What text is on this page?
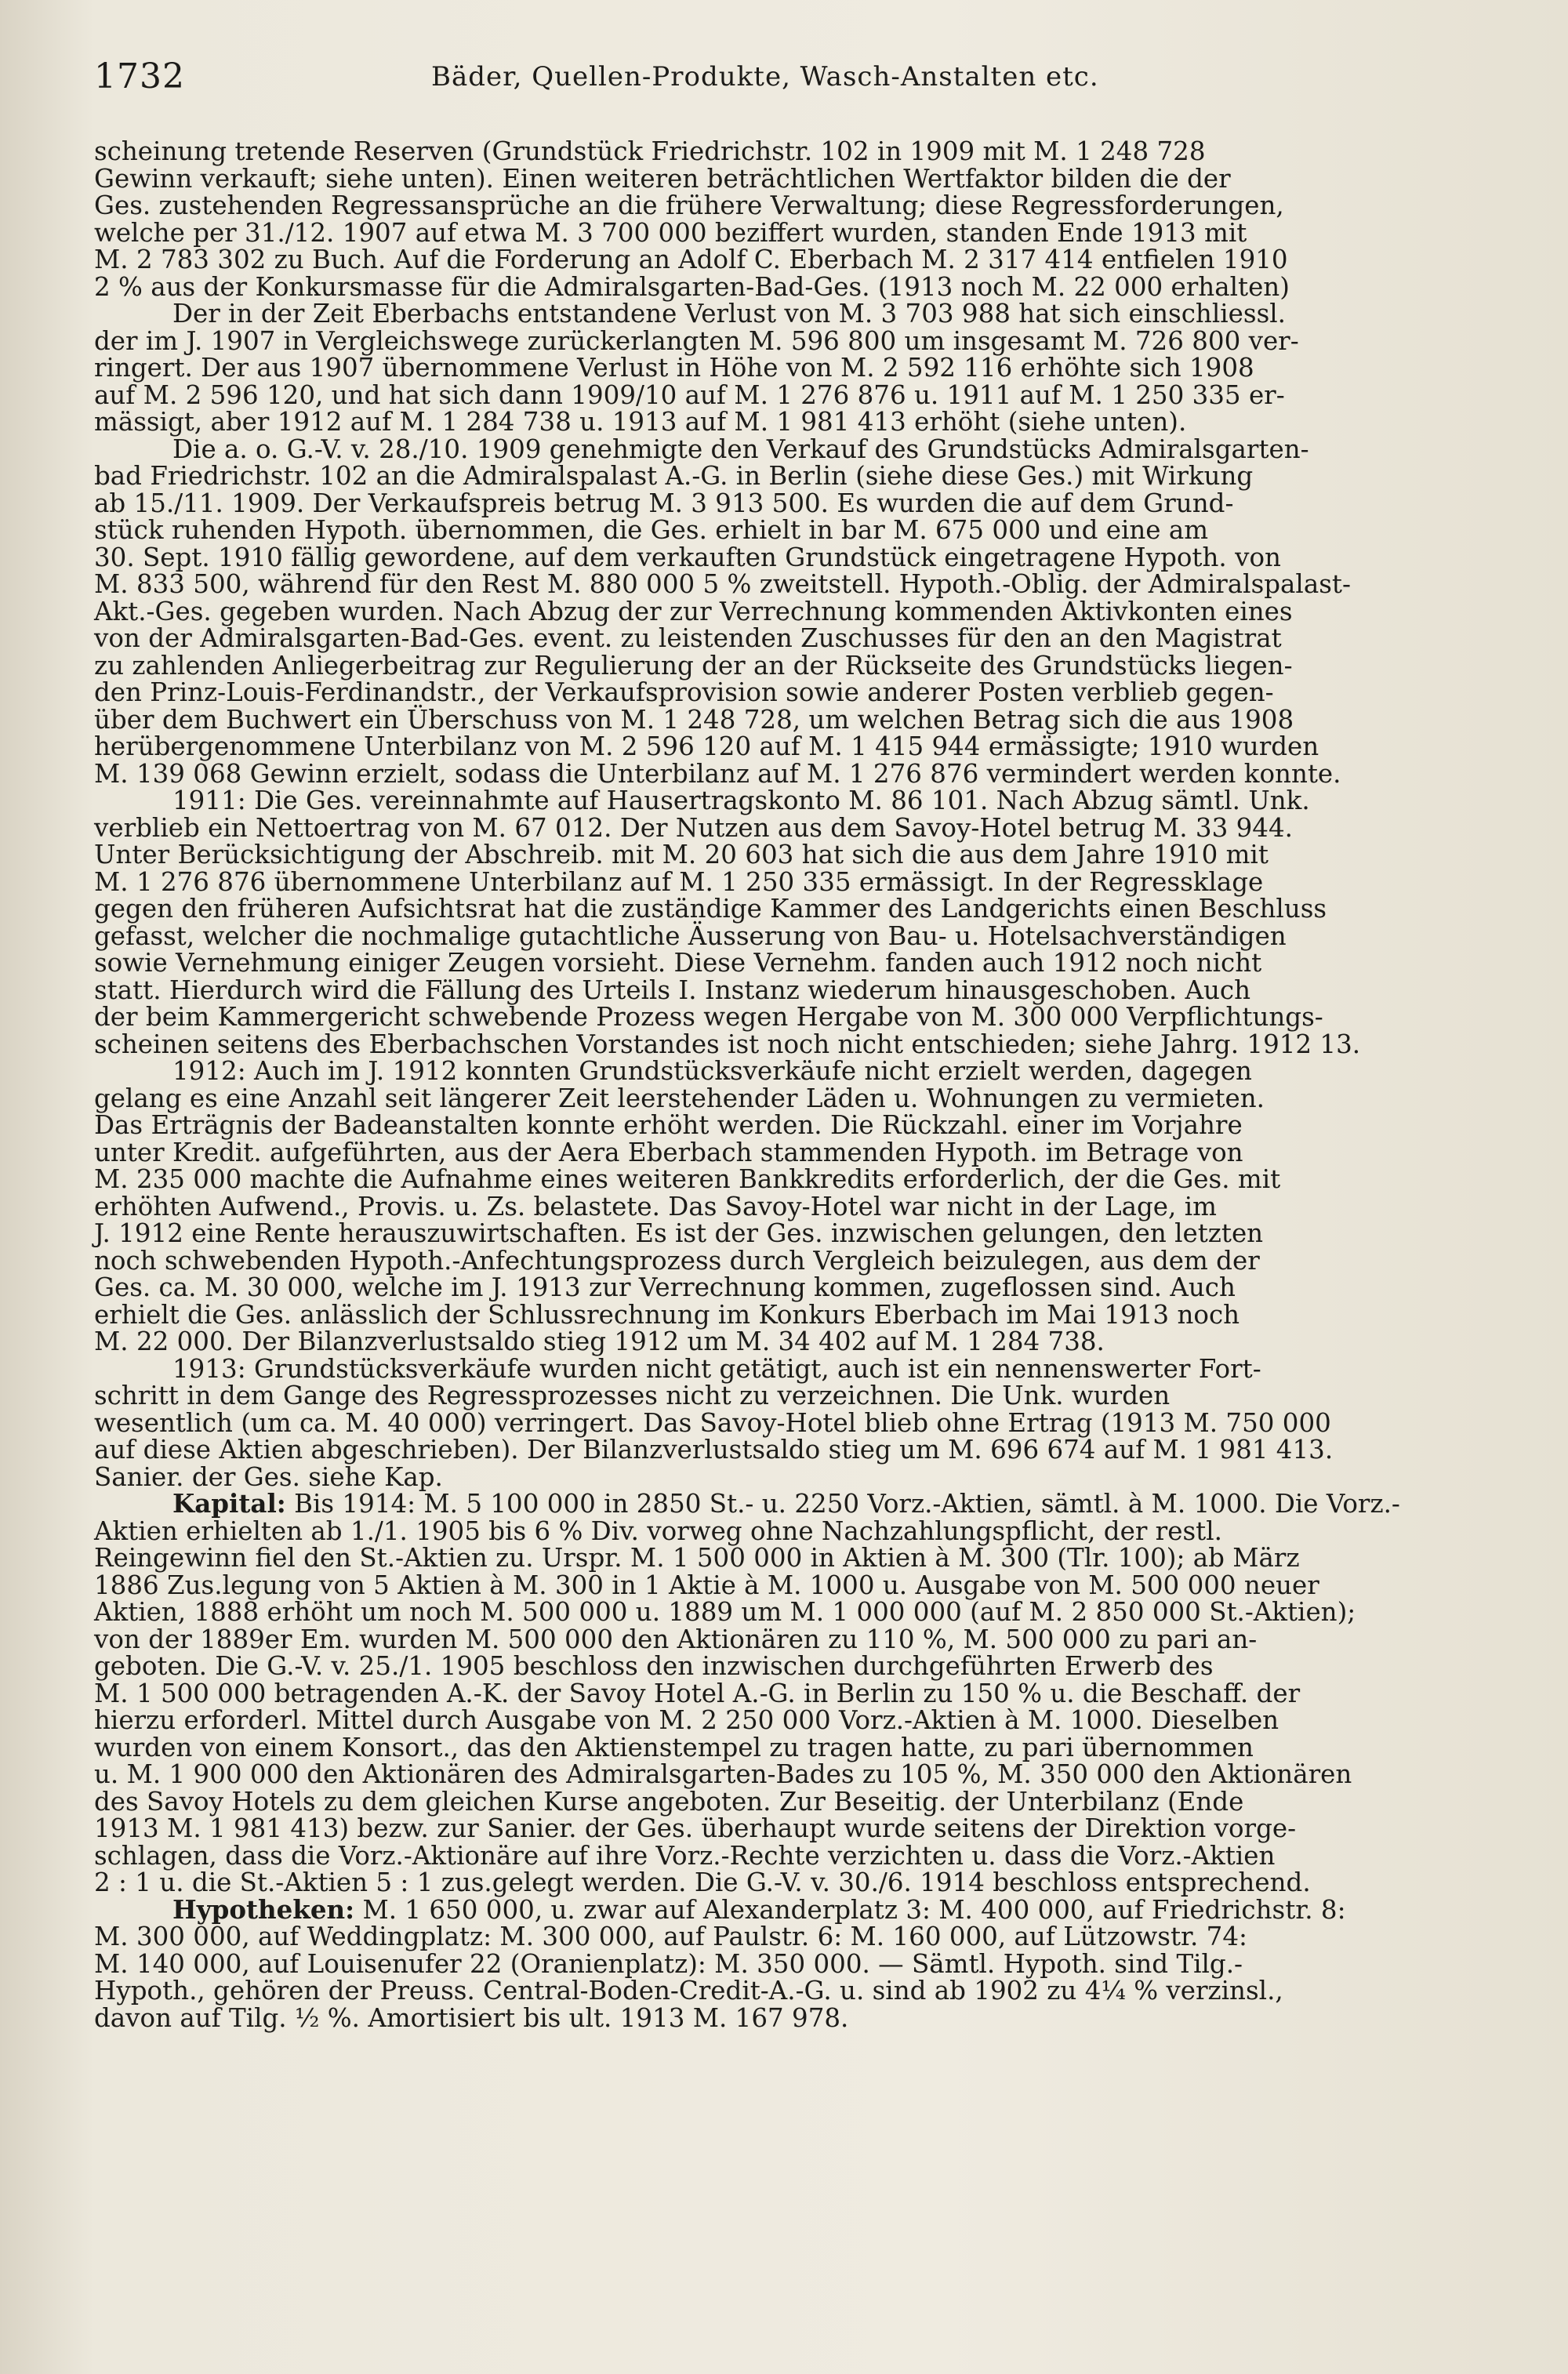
1732	Bäder, Quellen-Produkte, Wasch-Anstalten etc.
scheinung tretende Reserven (Grundstück Friedrichstr. 102 in 1909 mit M. 1 248 728
Gewinn verkauft; siehe unten). Einen weiteren beträchtlichen Wertfaktor bilden die der
Ges. zustehenden Regressansprüche an die frühere Verwaltung; diese Regressforderungen,
welche per 31./12. 1907 auf etwa M. 3 700 000 beziffert wurden, standen Ende 1913 mit
M. 2 783 302 zu Buch. Auf die Forderung an Adolf C. Eberbach M. 2 317 414 entfielen 1910
2 % aus der Konkursmasse für die Admiralsgarten-Bad-Ges. (1913 noch M. 22 000 erhalten)
Der in der Zeit Eberbachs entstandene Verlust von M. 3 703 988 hat sich einschliessl.
der im J. 1907 in Vergleichswege zurückerlangten M. 596 800 um insgesamt M. 726 800 ver-
ringert. Der aus 1907 übernommene Verlust in Höhe von M. 2 592 116 erhöhte sich 1908
auf M. 2 596 120, und hat sich dann 1909/10 auf M. 1 276 876 u. 1911 auf M. 1 250 335 er-
mässigt, aber 1912 auf M. 1 284 738 u. 1913 auf M. 1 981 413 erhöht (siehe unten).
Die a. o. G.-V. v. 28./10. 1909 genehmigte den Verkauf des Grundstücks Admiralsgarten-
bad Friedrichstr. 102 an die Admiralspalast A.-G. in Berlin (siehe diese Ges.) mit Wirkung
ab 15./11. 1909. Der Verkaufspreis betrug M. 3 913 500. Es wurden die auf dem Grund-
stück ruhenden Hypoth. übernommen, die Ges. erhielt in bar M. 675 000 und eine am
30. Sept. 1910 fällig gewordene, auf dem verkauften Grundstück eingetragene Hypoth. von
M. 833 500, während für den Rest M. 880 000 5 % zweitstell. Hypoth.-Oblig. der Admiralspalast-
Akt.-Ges. gegeben wurden. Nach Abzug der zur Verrechnung kommenden Aktivkonten eines
von der Admiralsgarten-Bad-Ges. event. zu leistenden Zuschusses für den an den Magistrat
zu zahlenden Anliegerbeitrag zur Regulierung der an der Rückseite des Grundstücks liegen-
den Prinz-Louis-Ferdinandstr., der Verkaufsprovision sowie anderer Posten verblieb gegen-
über dem Buchwert ein Überschuss von M. 1 248 728, um welchen Betrag sich die aus 1908
herübergenommene Unterbilanz von M. 2 596 120 auf M. 1 415 944 ermässigte; 1910 wurden
M. 139 068 Gewinn erzielt, sodass die Unterbilanz auf M. 1 276 876 vermindert werden konnte.
1911: Die Ges. vereinnahmte auf Hausertragskonto M. 86 101. Nach Abzug sämtl. Unk.
verblieb ein Nettoertrag von M. 67 012. Der Nutzen aus dem Savoy-Hotel betrug M. 33 944.
Unter Berücksichtigung der Abschreib. mit M. 20 603 hat sich die aus dem Jahre 1910 mit
M. 1 276 876 übernommene Unterbilanz auf M. 1 250 335 ermässigt. In der Regressklage
gegen den früheren Aufsichtsrat hat die zuständige Kammer des Landgerichts einen Beschluss
gefasst, welcher die nochmalige gutachtliche Äusserung von Bau- u. Hotelsachverständigen
sowie Vernehmung einiger Zeugen vorsieht. Diese Vernehm. fanden auch 1912 noch nicht
statt. Hierdurch wird die Fällung des Urteils I. Instanz wiederum hinausgeschoben. Auch
der beim Kammergericht schwebende Prozess wegen Hergabe von M. 300 000 Verpflichtungs-
scheinen seitens des Eberbachschen Vorstandes ist noch nicht entschieden; siehe Jahrg. 1912 13.
1912: Auch im J. 1912 konnten Grundstücksverkäufe nicht erzielt werden, dagegen
gelang es eine Anzahl seit längerer Zeit leerstehender Läden u. Wohnungen zu vermieten.
Das Erträgnis der Badeanstalten konnte erhöht werden. Die Rückzahl. einer im Vorjahre
unter Kredit. aufgeführten, aus der Aera Eberbach stammenden Hypoth. im Betrage von
M. 235 000 machte die Aufnahme eines weiteren Bankkredits erforderlich, der die Ges. mit
erhöhten Aufwend., Provis. u. Zs. belastete. Das Savoy-Hotel war nicht in der Lage, im
J. 1912 eine Rente herauszuwirtschaften. Es ist der Ges. inzwischen gelungen, den letzten
noch schwebenden Hypoth.-Anfechtungsprozess durch Vergleich beizulegen, aus dem der
Ges. ca. M. 30 000, welche im J. 1913 zur Verrechnung kommen, zugeflossen sind. Auch
erhielt die Ges. anlässlich der Schlussrechnung im Konkurs Eberbach im Mai 1913 noch
M. 22 000. Der Bilanzverlustsaldo stieg 1912 um M. 34 402 auf M. 1 284 738.
1913: Grundstücksverkäufe wurden nicht getätigt, auch ist ein nennenswerter Fort-
schritt in dem Gange des Regressprozesses nicht zu verzeichnen. Die Unk. wurden
wesentlich (um ca. M. 40 000) verringert. Das Savoy-Hotel blieb ohne Ertrag (1913 M. 750 000
auf diese Aktien abgeschrieben). Der Bilanzverlustsaldo stieg um M. 696 674 auf M. 1 981 413.
Sanier. der Ges. siehe Kap.
Kapital: Bis 1914: M. 5 100 000 in 2850 St.- u. 2250 Vorz.-Aktien, sämtl. à M. 1000. Die Vorz.-
Aktien erhielten ab 1./1. 1905 bis 6 % Div. vorweg ohne Nachzahlungspflicht, der restl.
Reingewinn fiel den St.-Aktien zu. Urspr. M. 1 500 000 in Aktien à M. 300 (Tlr. 100); ab März
1886 Zus.legung von 5 Aktien à M. 300 in 1 Aktie à M. 1000 u. Ausgabe von M. 500 000 neuer
Aktien, 1888 erhöht um noch M. 500 000 u. 1889 um M. 1 000 000 (auf M. 2 850 000 St.-Aktien);
von der 1889er Em. wurden M. 500 000 den Aktionären zu 110 %, M. 500 000 zu pari an-
geboten. Die G.-V. v. 25./1. 1905 beschloss den inzwischen durchgeführten Erwerb des
M. 1 500 000 betragenden A.-K. der Savoy Hotel A.-G. in Berlin zu 150 % u. die Beschaff. der
hierzu erforderl. Mittel durch Ausgabe von M. 2 250 000 Vorz.-Aktien à M. 1000. Dieselben
wurden von einem Konsort., das den Aktienstempel zu tragen hatte, zu pari übernommen
u. M. 1 900 000 den Aktionären des Admiralsgarten-Bades zu 105 %, M. 350 000 den Aktionären
des Savoy Hotels zu dem gleichen Kurse angeboten. Zur Beseitig. der Unterbilanz (Ende
1913 M. 1 981 413) bezw. zur Sanier. der Ges. überhaupt wurde seitens der Direktion vorge-
schlagen, dass die Vorz.-Aktionäre auf ihre Vorz.-Rechte verzichten u. dass die Vorz.-Aktien
2 : 1 u. die St.-Aktien 5 : 1 zus.gelegt werden. Die G.-V. v. 30./6. 1914 beschloss entsprechend.
Hypotheken: M. 1 650 000, u. zwar auf Alexanderplatz 3: M. 400 000, auf Friedrichstr. 8:
M. 300 000, auf Weddingplatz: M. 300 000, auf Paulstr. 6: M. 160 000, auf Lützowstr. 74:
M. 140 000, auf Louisenufer 22 (Oranienplatz): M. 350 000. — Sämtl. Hypoth. sind Tilg.-
Hypoth., gehören der Preuss. Central-Boden-Credit-A.-G. u. sind ab 1902 zu 4¼ % verzinsl.,
davon auf Tilg. ½ %. Amortisiert bis ult. 1913 M. 167 978.
